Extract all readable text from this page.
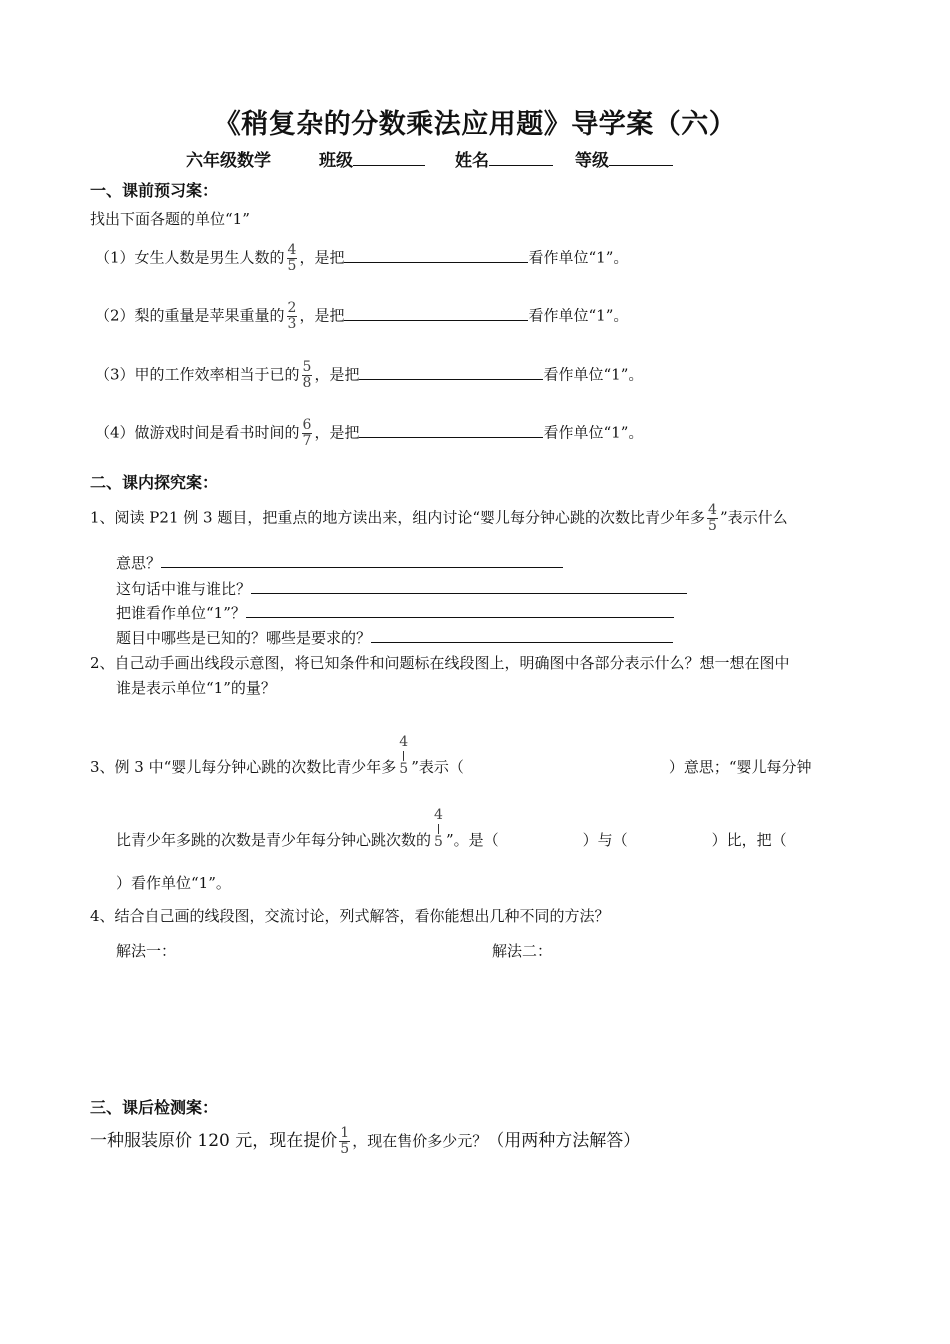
《稍复杂的分数乘法应用题》导学案（六）
六年级数学	班级	姓名	等级
一、课前预习案：
找出下面各题的单位“1”
（1）女生人数是男生人数的 $\frac{4}{5}$ ，是把	看作单位“1”。
（2）梨的重量是苹果重量的 $\frac{2}{3}$ ，是把	看作单位“1”。
（3）甲的工作效率相当于已的 $\frac{5}{8}$ ，是把	看作单位“1”。
（4）做游戏时间是看书时间的 $\frac{6}{7}$ ，是把	看作单位“1”。
二、课内探究案：
1、阅读 P21 例 3 题目，把重点的地方读出来，组内讨论“婴儿每分钟心跳的次数比青少年多 $\frac{4}{5}$ ”表示什么
意思？
这句话中谁与谁比？
把谁看作单位“1”？
题目中哪些是已知的？哪些是要求的？
2、自己动手画出线段示意图，将已知条件和问题标在线段图上，明确图中各部分表示什么？想一想在图中
谁是表示单位“1”的量？
3、例 3 中“婴儿每分钟心跳的次数比青少年多
4
5 ”表示（	）意思；“婴儿每分钟
比青少年多跳的次数是青少年每分钟心跳次数的
4
5 ”。是（	）与（	）比，把（
）看作单位“1”。
4、结合自己画的线段图，交流讨论，列式解答，看你能想出几种不同的方法？
解法一：	解法二：
三、课后检测案：
一种服装原价 120 元，现在提价 $\frac{1}{5}$ ，现在售价多少元？（用两种方法解答）
